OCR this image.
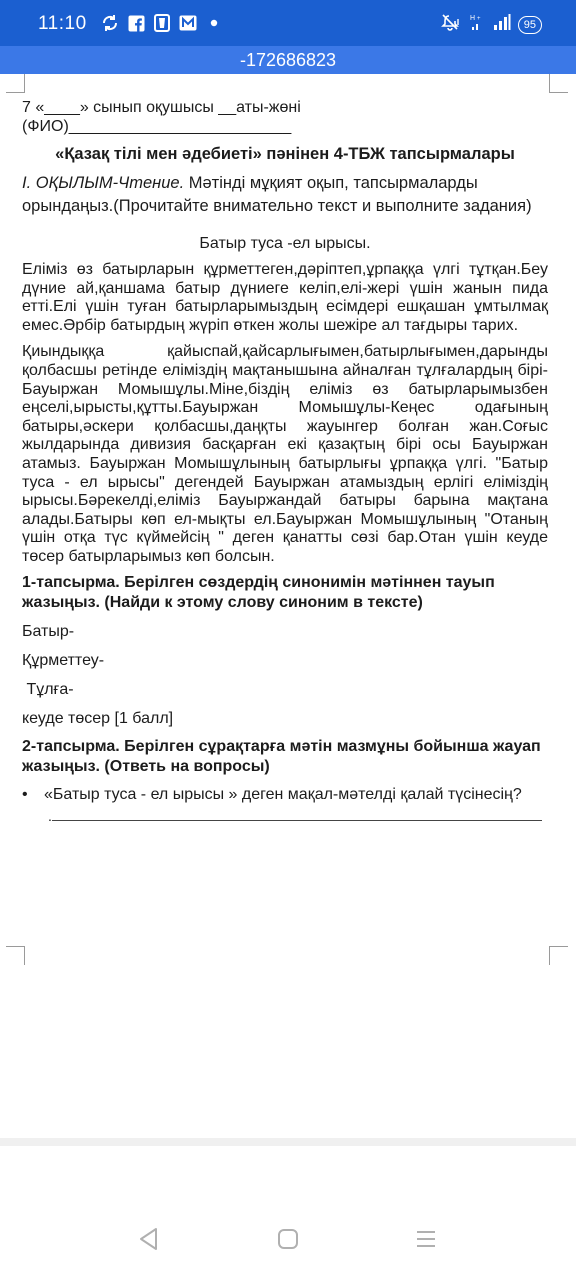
11:10	H +	95
-172686823

7 «____» сынып оқушысы __аты-жөні

(ФИО)_________________________

«Қазақ тілі мен әдебиеті» пәнінен 4-ТБЖ тапсырмалары

I. ОҚЫЛЫМ-Чтение. Мәтінді мұқият оқып, тапсырмаларды орындаңыз.(Прочитайте внимательно текст и выполните задания)

Батыр туса -ел ырысы.

Еліміз өз батырларын құрметтеген,дәріптеп,ұрпаққа үлгі тұтқан.Беу дүние ай,қаншама батыр дүниеге келіп,елі-жері үшін жанын пида етті.Елі үшін туған батырларымыздың есімдері ешқашан ұмтылмақ емес.Әрбір батырдың жүріп өткен жолы шежіре ал тағдыры тарих.

Қиындыққа қайыспай,қайсарлығымен,батырлығымен,дарынды қолбасшы ретінде еліміздің мақтанышына айналған тұлғалардың бірі-Бауыржан Момышұлы.Міне,біздің еліміз өз батырларымызбен еңселі,ырысты,құтты.Бауыржан Момышұлы-Кеңес одағының батыры,әскери қолбасшы,даңқты жауынгер болған жан.Соғыс жылдарында дивизия басқарған екі қазақтың бірі осы Бауыржан атамыз. Бауыржан Момышұлының батырлығы ұрпаққа үлгі. "Батыр туса - ел ырысы" дегендей Бауыржан атамыздың ерлігі еліміздің ырысы.Бәрекелді,еліміз Бауыржандай батыры барына мақтана алады.Батыры көп ел-мықты ел.Бауыржан Момышұлының "Отаның үшін отқа түс күймейсің " деген қанатты сөзі бар.Отан үшін кеуде төсер батырларымыз көп болсын.

1-тапсырма. Берілген сөздердің синонимін мәтіннен тауып жазыңыз. (Найди к этому слову синоним в тексте)

Батыр-

Құрметтеу-

Тұлға-

кеуде төсер [1 балл]

2-тапсырма. Берілген сұрақтарға мәтін мазмұны бойынша жауап жазыңыз. (Ответь на вопросы)

•	«Батыр туса - ел ырысы » деген мақал-мәтелді қалай түсінесің?
.
